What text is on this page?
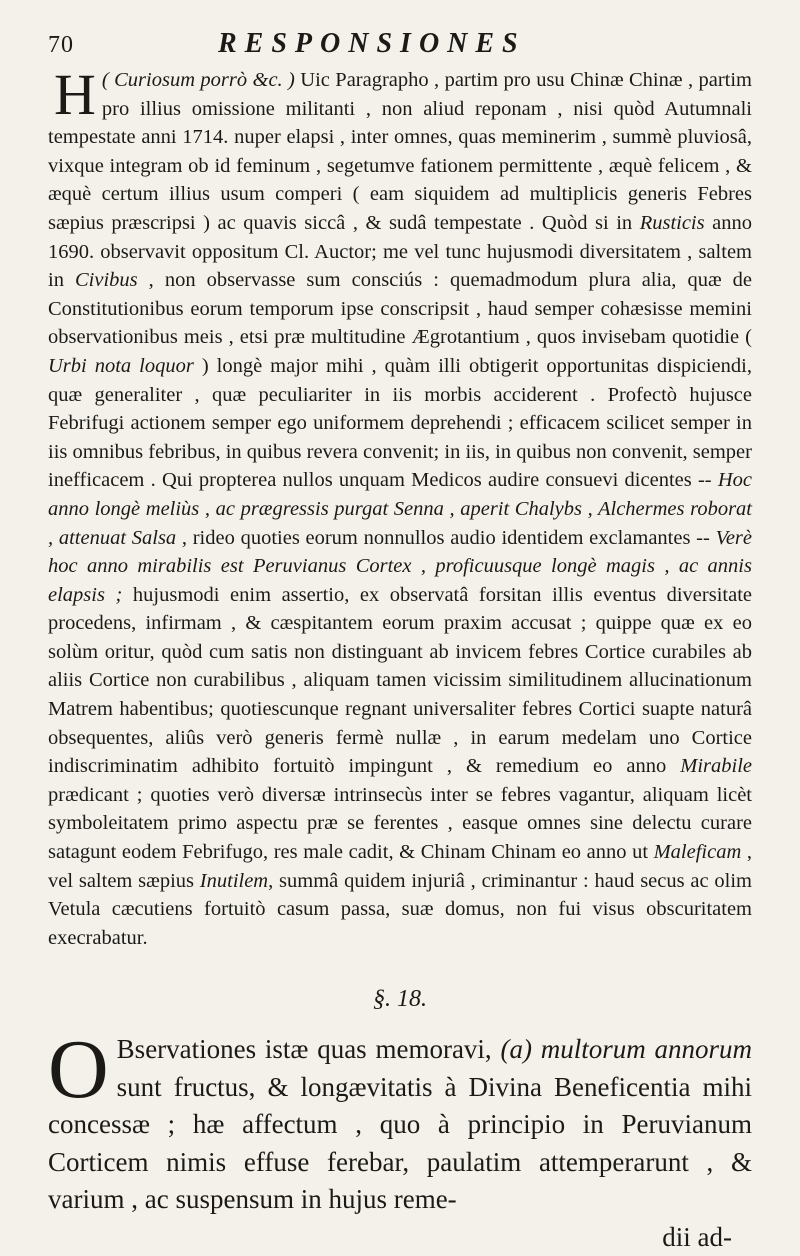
70	RESPONSIONES

( Curiosum porrò &c. )
H	Uic Paragrapho , partim pro usu Chinæ Chinæ , partim pro illius omissione militanti , non aliud reponam , nisi quòd Autumnali tempestate anni 1714. nuper elapsi , inter omnes, quas meminerim , summè pluviosâ, vixque integram ob id feminum , segetumve fationem permittente , æquè felicem , & æquè certum illius usum comperi ( eam siquidem ad multiplicis generis Febres sæpius præscripsi ) ac quavis siccâ , & sudâ tempestate . Quòd si in Rusticis anno 1690. observavit oppositum Cl. Auctor; me vel tunc hujusmodi diversitatem , saltem in Civibus , non observasse sum consciús : quemadmodum plura alia, quæ de Constitutionibus eorum temporum ipse conscripsit , haud semper cohæsisse memini observationibus meis , etsi præ multitudine Ægrotantium , quos invisebam quotidie ( Urbi nota loquor ) longè major mihi , quàm illi obtigerit opportunitas dispiciendi, quæ generaliter , quæ peculiariter in iis morbis acciderent . Profectò hujusce Febrifugi actionem semper ego uniformem deprehendi ; efficacem scilicet semper in iis omnibus febribus, in quibus revera convenit; in iis, in quibus non convenit, semper inefficacem . Qui propterea nullos unquam Medicos audire consuevi dicentes -- Hoc anno longè meliùs , ac prægressis purgat Senna , aperit Chalybs , Alchermes roborat , attenuat Salsa , rideo quoties eorum nonnullos audio identidem exclamantes -- Verè hoc anno mirabilis est Peruvianus Cortex , proficuusque longè magis , ac annis elapsis ; hujusmodi enim assertio, ex observatâ forsitan illis eventus diversitate procedens, infirmam , & cæspitantem eorum praxim accusat ; quippe quæ ex eo solùm oritur, quòd cum satis non distinguant ab invicem febres Cortice curabiles ab aliis Cortice non curabilibus , aliquam tamen vicissim similitudinem allucinationum Matrem habentibus; quotiescunque regnant universaliter febres Cortici suapte naturâ obsequentes, aliûs verò generis fermè nullæ , in earum medelam uno Cortice indiscriminatim adhibito fortuitò impingunt , & remedium eo anno Mirabile prædicant ; quoties verò diversæ intrinsecùs inter se febres vagantur, aliquam licèt symboleitatem primo aspectu præ se ferentes , easque omnes sine delectu curare satagunt eodem Febrifugo, res male cadit, & Chinam Chinam eo anno ut Maleficam , vel saltem sæpius Inutilem, summâ quidem injuriâ , criminantur : haud secus ac olim Vetula cæcutiens fortuitò casum passa, suæ domus, non fui visus obscuritatem execrabatur.

§. 18.

O Bservationes istæ quas memoravi, (a) multorum annorum sunt fructus, & longævitatis à Divina Beneficentia mihi concessæ ; hæ affectum , quo à principio in Peruvianum Corticem nimis effuse ferebar, paulatim attemperarunt , & varium , ac suspensum in hujus reme-

dii ad-
